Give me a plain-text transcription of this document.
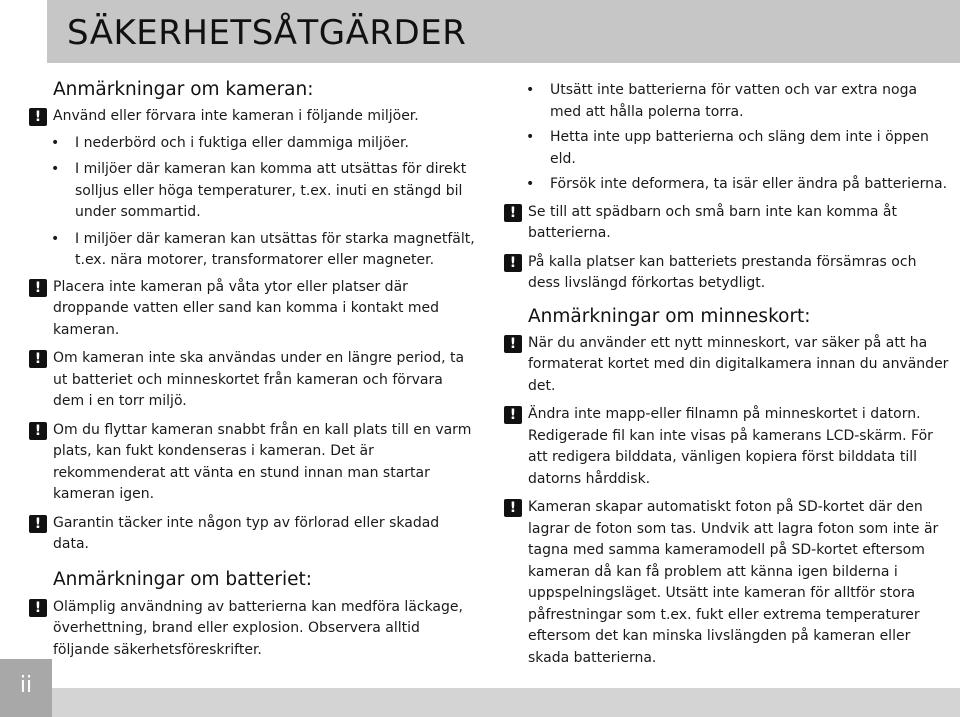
SÄKERHETSÅTGÄRDER
Anmärkningar om kameran:

! Använd eller förvara inte kameran i följande miljöer.

• I nederbörd och i fuktiga eller dammiga miljöer.

• I miljöer där kameran kan komma att utsättas för direkt solljus eller höga temperaturer, t.ex. inuti en stängd bil under sommartid.

• I miljöer där kameran kan utsättas för starka magnetfält, t.ex. nära motorer, transformatorer eller magneter.

! Placera inte kameran på våta ytor eller platser där droppande vatten eller sand kan komma i kontakt med kameran.

! Om kameran inte ska användas under en längre period, ta ut batteriet och minneskortet från kameran och förvara dem i en torr miljö.

! Om du flyttar kameran snabbt från en kall plats till en varm plats, kan fukt kondenseras i kameran. Det är rekommenderat att vänta en stund innan man startar kameran igen.

! Garantin täcker inte någon typ av förlorad eller skadad data.

Anmärkningar om batteriet:

! Olämplig användning av batterierna kan medföra läckage, överhettning, brand eller explosion. Observera alltid följande säkerhetsföreskrifter.

• Utsätt inte batterierna för vatten och var extra noga med att hålla polerna torra.

• Hetta inte upp batterierna och släng dem inte i öppen eld.

• Försök inte deformera, ta isär eller ändra på batterierna.

! Se till att spädbarn och små barn inte kan komma åt batterierna.

! På kalla platser kan batteriets prestanda försämras och dess livslängd förkortas betydligt.

Anmärkningar om minneskort:

! När du använder ett nytt minneskort, var säker på att ha formaterat kortet med din digitalkamera innan du använder det.

! Ändra inte mapp-eller filnamn på minneskortet i datorn. Redigerade fil kan inte visas på kamerans LCD-skärm. För att redigera bilddata, vänligen kopiera först bilddata till datorns hårddisk.

! Kameran skapar automatiskt foton på SD-kortet där den lagrar de foton som tas. Undvik att lagra foton som inte är tagna med samma kameramodell på SD-kortet eftersom kameran då kan få problem att känna igen bilderna i uppspelningsläget. Utsätt inte kameran för alltför stora påfrestningar som t.ex. fukt eller extrema temperaturer eftersom det kan minska livslängden på kameran eller skada batterierna.

ii
